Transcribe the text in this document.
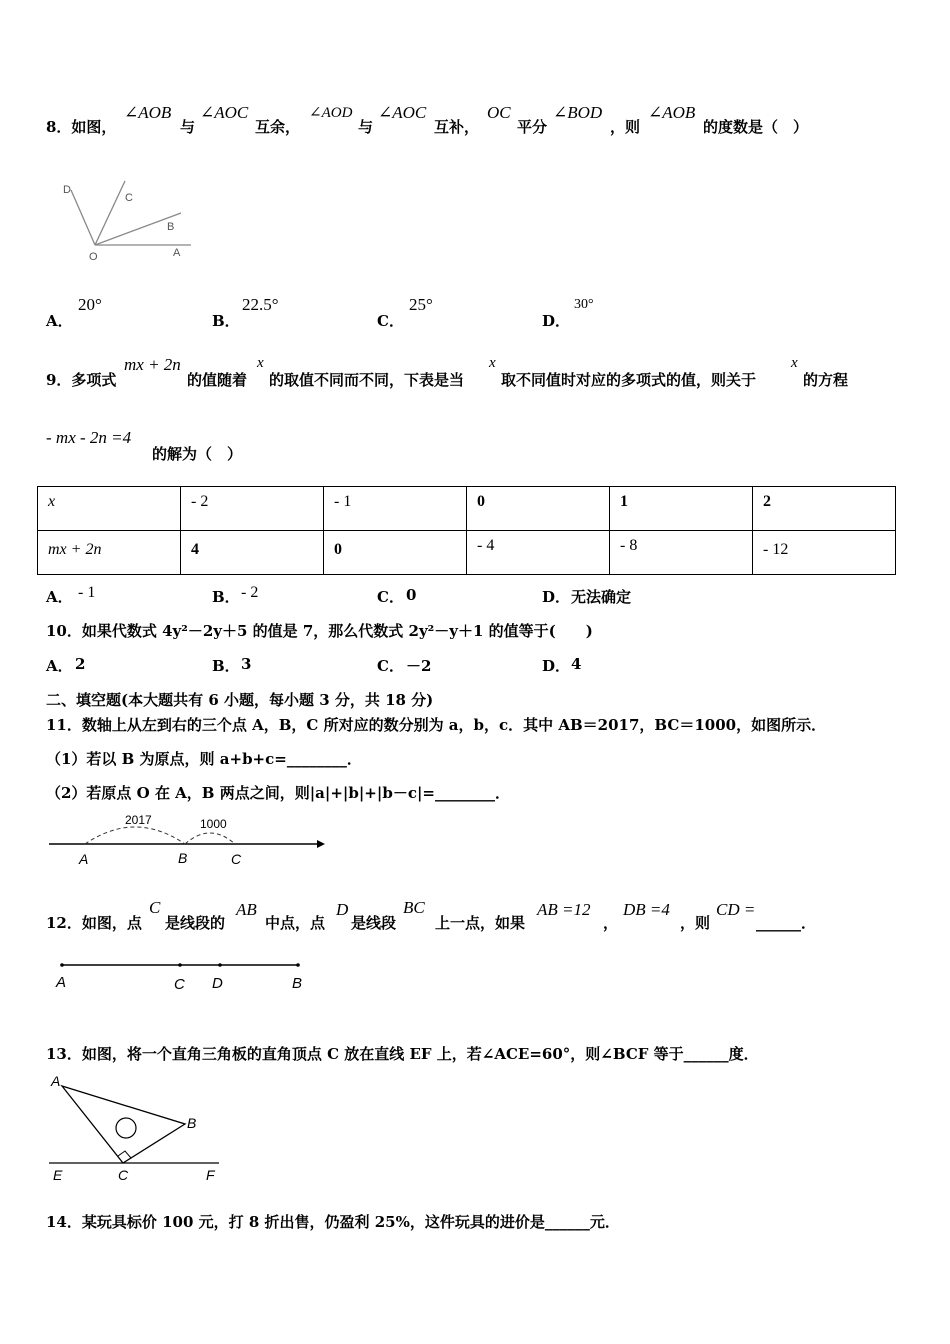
8．如图，
∠AOB
与
∠AOC
互余，
∠AOD
与
∠AOC
互补，
OC
平分
∠BOD
，则
∠AOB
的度数是（　）
D
C
B
O	A
A．
20°
B．
22.5°
C．
25°
D．
30°
9．多项式
mx + 2n
的值随着
x
的取值不同而不同，下表是当
x
取不同值时对应的多项式的值，则关于
x
的方程
- mx - 2n =4
的解为（　）
x	- 2	- 1	0	1	2
mx + 2n	4	0	- 4	- 8	- 12
A． - 1	B． - 2	C． 0	D． 无法确定
10．如果代数式 4y²－2y＋5 的值是 7，那么代数式 2y²－y＋1 的值等于(　　)
A． 2	B． 3	C． －2	D． 4
二、填空题(本大题共有 6 小题，每小题 3 分，共 18 分)
11．数轴上从左到右的三个点 A，B，C 所对应的数分别为 a，b，c．其中 AB＝2017，BC＝1000，如图所示．
（1）若以 B 为原点，则 a+b+c=________．
（2）若原点 O 在 A，B 两点之间，则|a|+|b|+|b－c|=________．
2017	1000
A	B	C
12．如图，点
C
是线段的
AB
中点，点
D
是线段
BC
上一点，如果
AB =12
，
DB =4
，则
CD =
______．
A	C D	B
13．如图，将一个直角三角板的直角顶点 C 放在直线 EF 上，若∠ACE=60°，则∠BCF 等于______度．
A
B
E	C	F
14．某玩具标价 100 元，打 8 折出售，仍盈利 25%，这件玩具的进价是______元．
